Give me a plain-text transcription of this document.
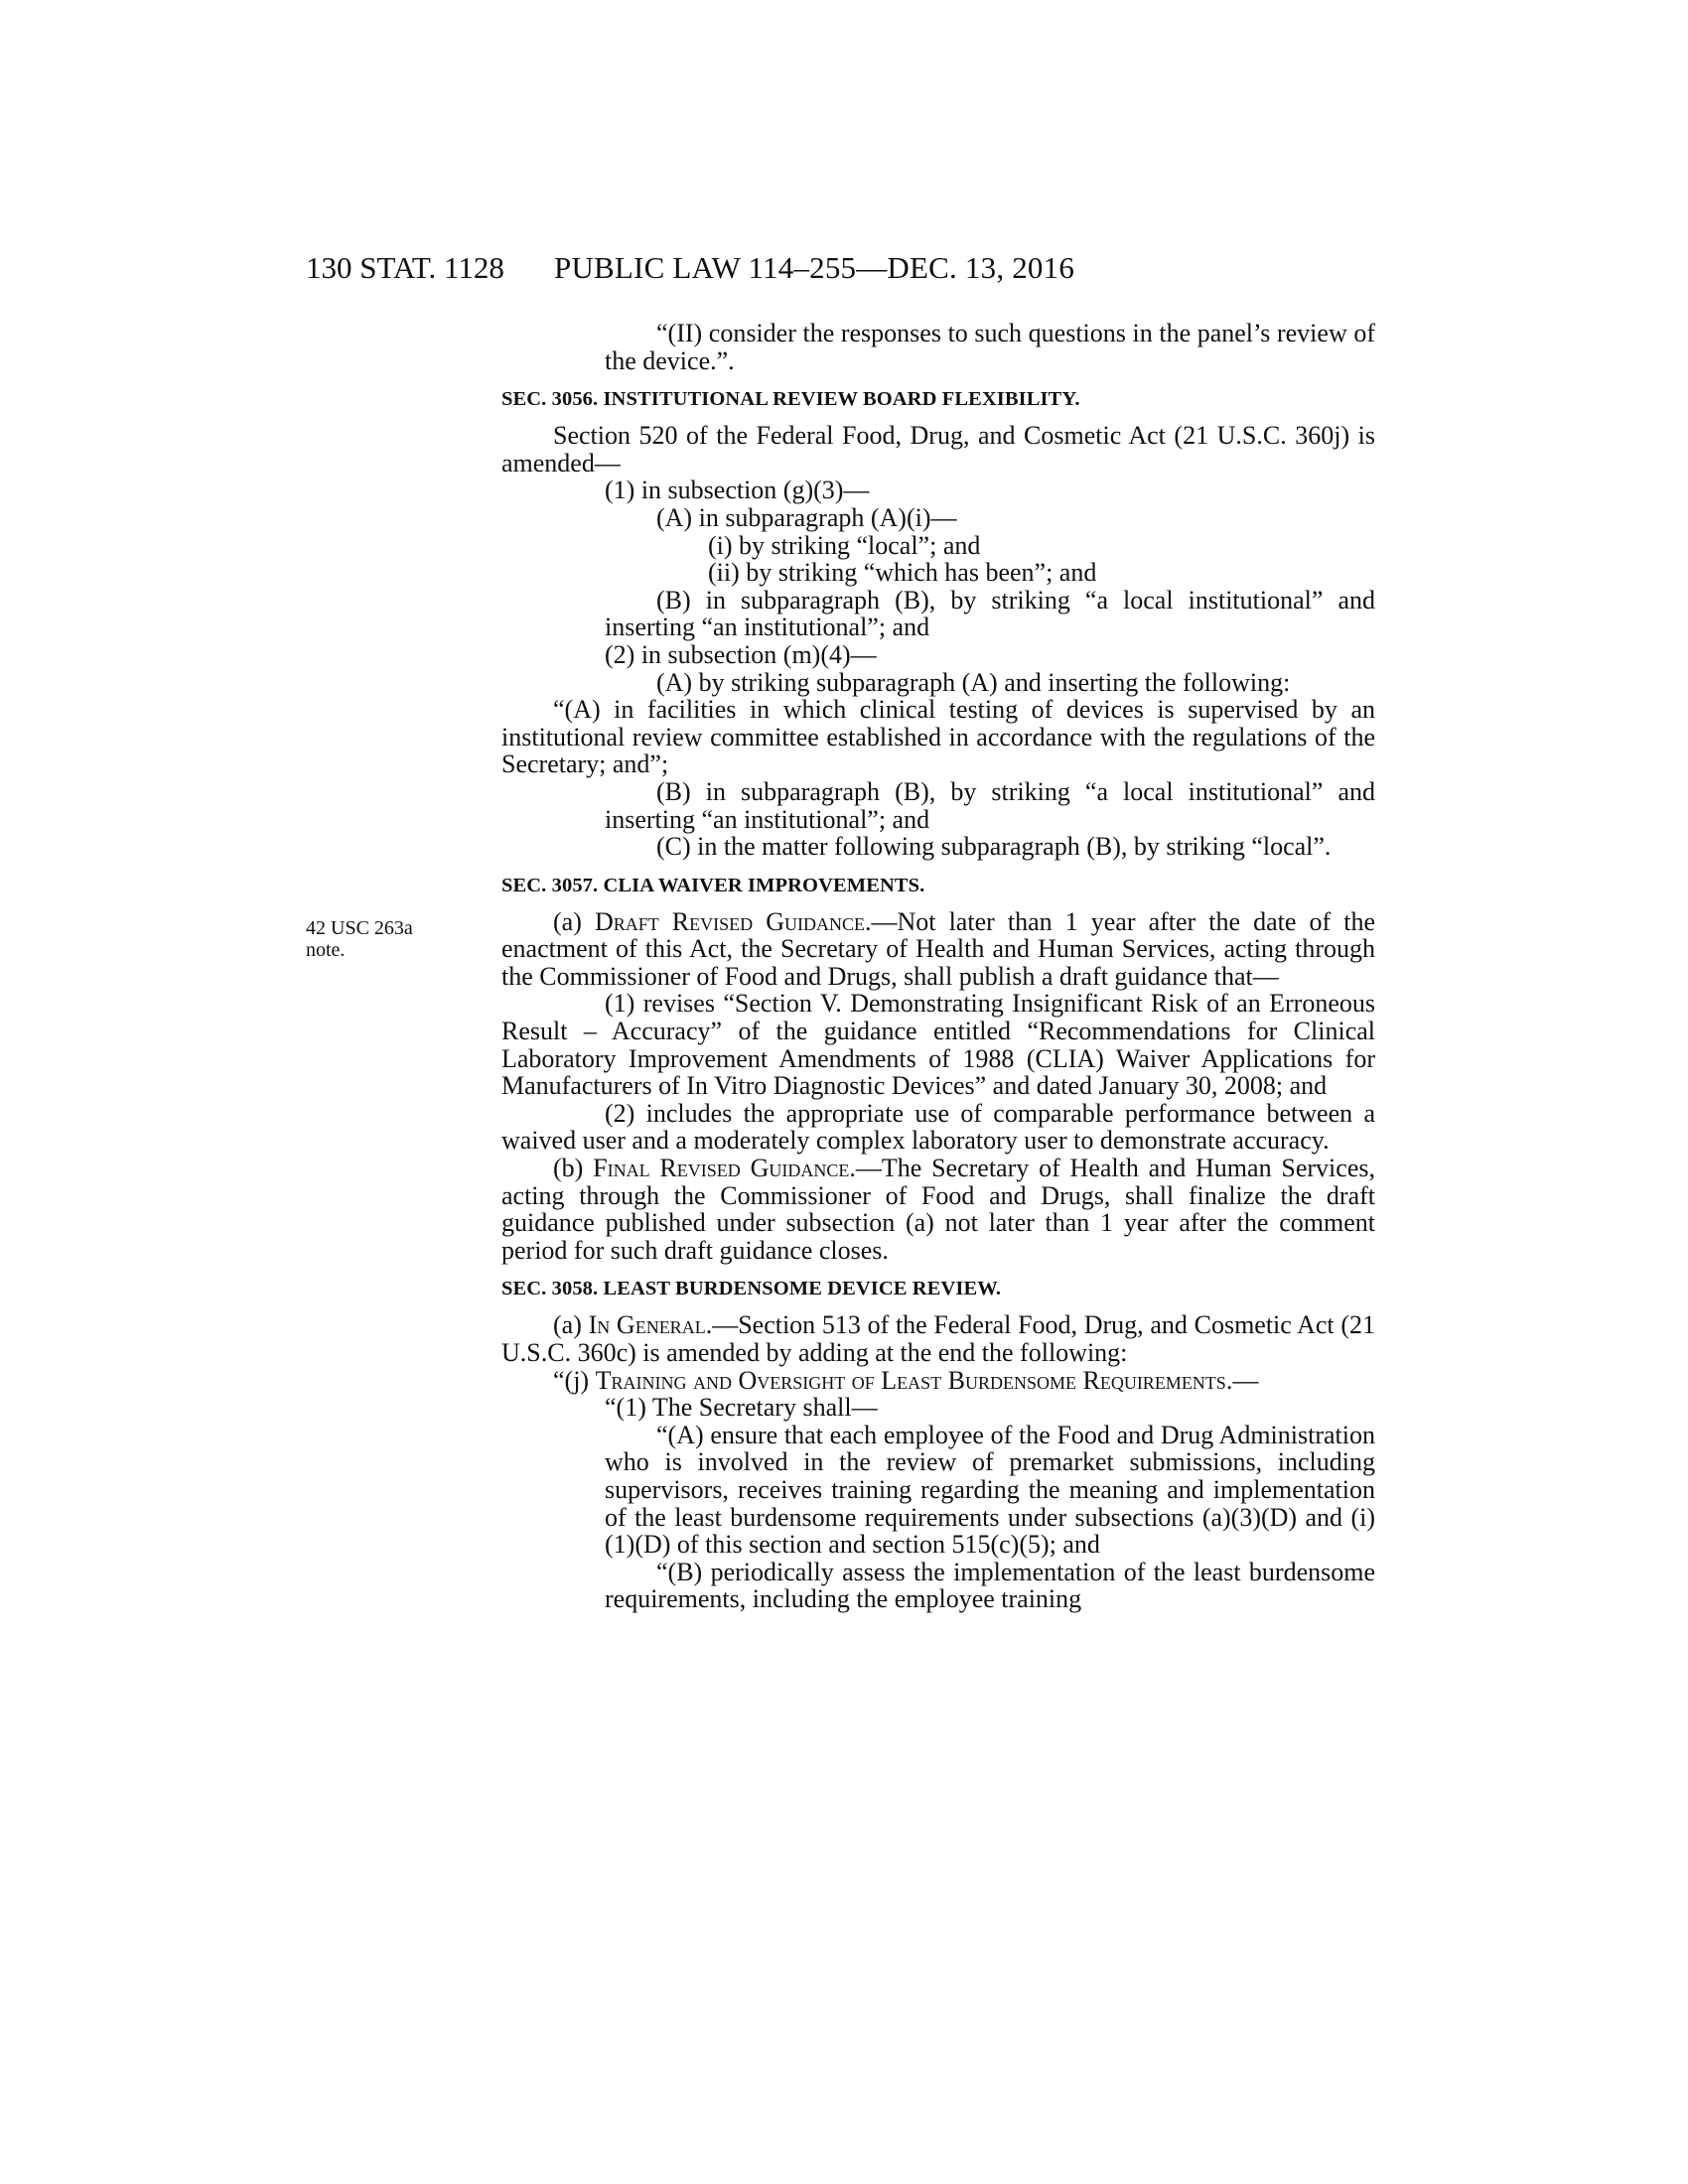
130 STAT. 1128 PUBLIC LAW 114–255—DEC. 13, 2016
42 USC 263a
note.

“(II) consider the responses to such questions in the panel’s review of the device.”.

SEC. 3056. INSTITUTIONAL REVIEW BOARD FLEXIBILITY.

Section 520 of the Federal Food, Drug, and Cosmetic Act (21 U.S.C. 360j) is amended—

(1) in subsection (g)(3)—

(A) in subparagraph (A)(i)—

(i) by striking “local”; and

(ii) by striking “which has been”; and

(B) in subparagraph (B), by striking “a local institutional” and inserting “an institutional”; and

(2) in subsection (m)(4)—

(A) by striking subparagraph (A) and inserting the following:

“(A) in facilities in which clinical testing of devices is supervised by an institutional review committee established in accordance with the regulations of the Secretary; and”;

(B) in subparagraph (B), by striking “a local institutional” and inserting “an institutional”; and

(C) in the matter following subparagraph (B), by striking “local”.

SEC. 3057. CLIA WAIVER IMPROVEMENTS.

(a) Draft Revised Guidance.—Not later than 1 year after the date of the enactment of this Act, the Secretary of Health and Human Services, acting through the Commissioner of Food and Drugs, shall publish a draft guidance that—

(1) revises “Section V. Demonstrating Insignificant Risk of an Erroneous Result – Accuracy” of the guidance entitled “Recommendations for Clinical Laboratory Improvement Amendments of 1988 (CLIA) Waiver Applications for Manufacturers of In Vitro Diagnostic Devices” and dated January 30, 2008; and

(2) includes the appropriate use of comparable performance between a waived user and a moderately complex laboratory user to demonstrate accuracy.

(b) Final Revised Guidance.—The Secretary of Health and Human Services, acting through the Commissioner of Food and Drugs, shall finalize the draft guidance published under subsection (a) not later than 1 year after the comment period for such draft guidance closes.

SEC. 3058. LEAST BURDENSOME DEVICE REVIEW.

(a) In General.—Section 513 of the Federal Food, Drug, and Cosmetic Act (21 U.S.C. 360c) is amended by adding at the end the following:

“(j) Training and Oversight of Least Burdensome Requirements.—

“(1) The Secretary shall—

“(A) ensure that each employee of the Food and Drug Administration who is involved in the review of premarket submissions, including supervisors, receives training regarding the meaning and implementation of the least burdensome requirements under subsections (a)(3)(D) and (i)(1)(D) of this section and section 515(c)(5); and

“(B) periodically assess the implementation of the least burdensome requirements, including the employee training
